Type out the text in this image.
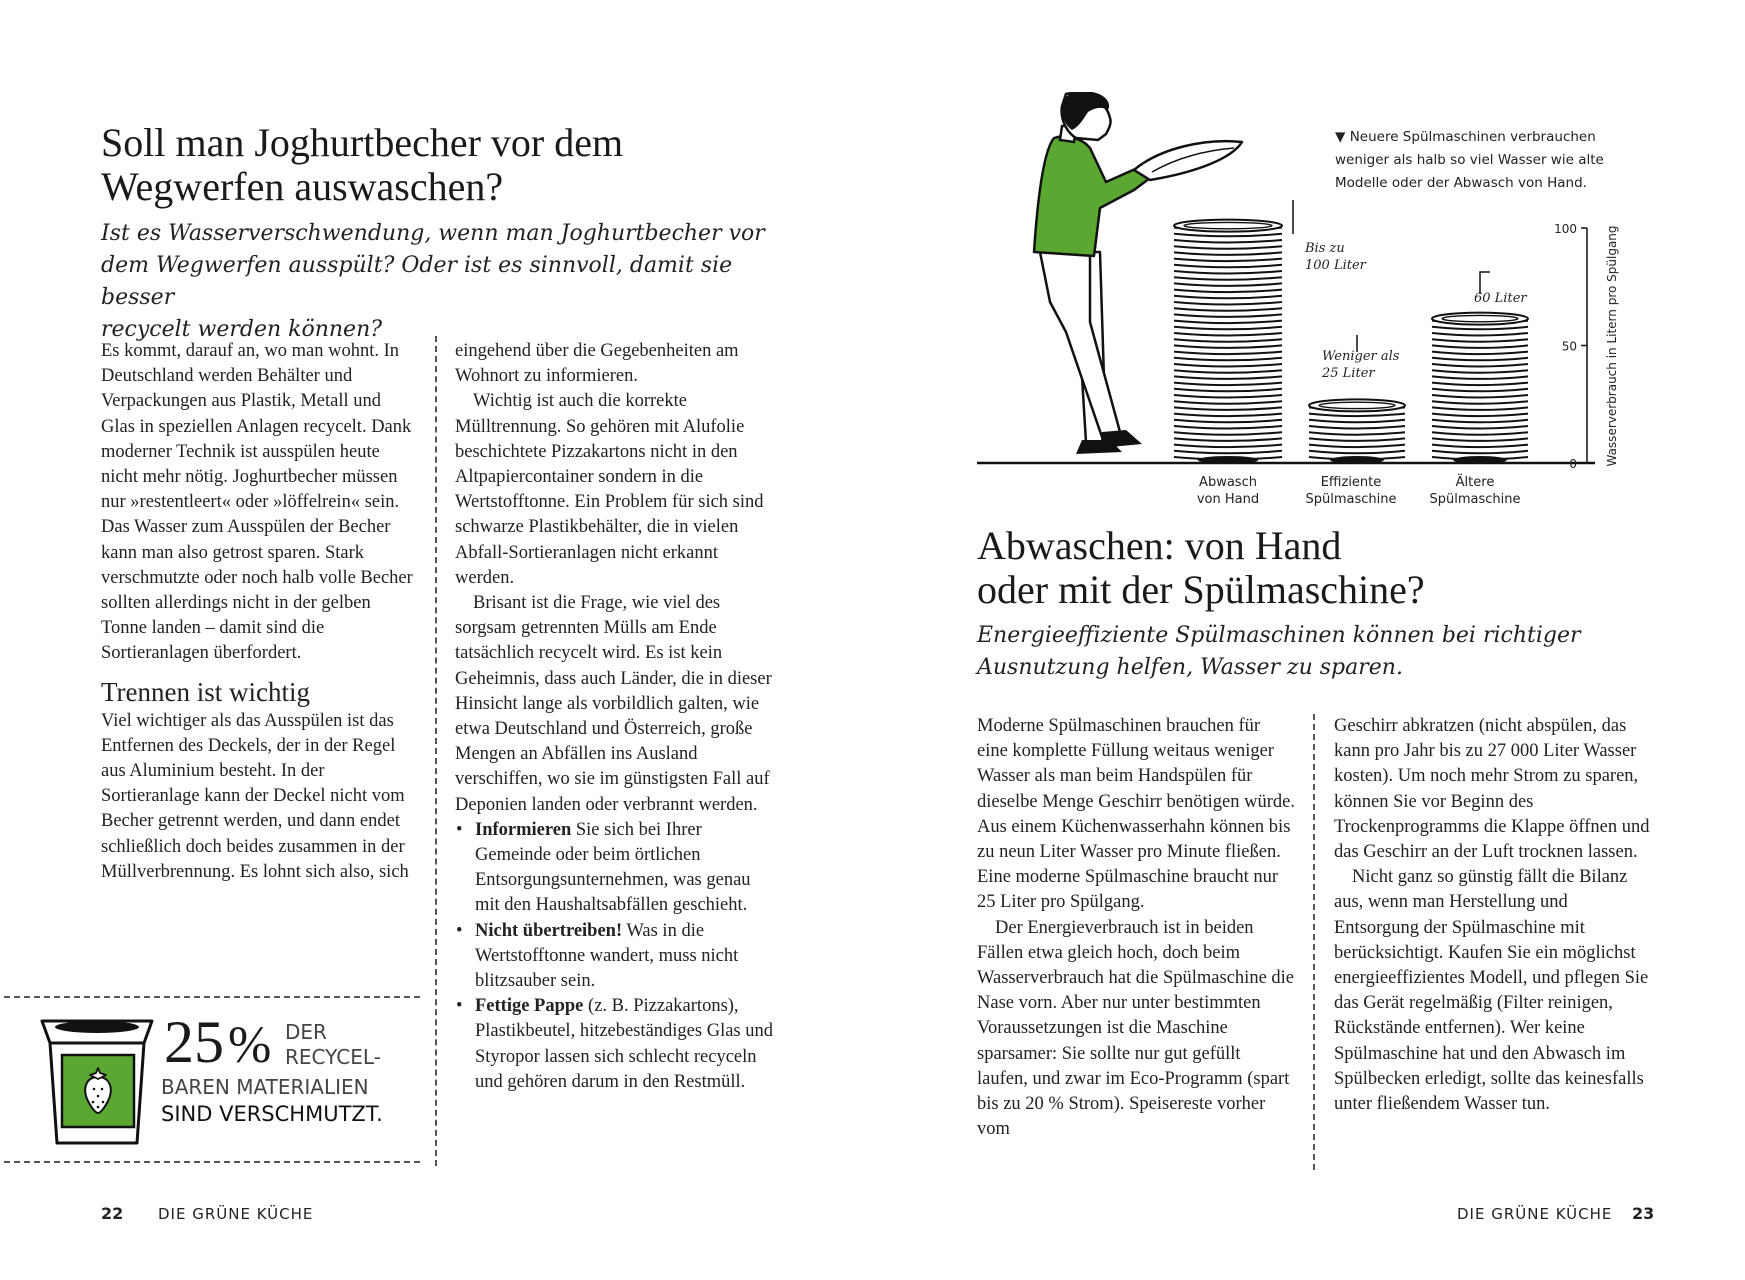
Soll man Joghurtbecher vor dem
Wegwerfen auswaschen?
Ist es Wasserverschwendung, wenn man Joghurtbecher vor
dem Wegwerfen ausspült? Oder ist es sinnvoll, damit sie besser
recycelt werden können?

Es kommt, darauf an, wo man wohnt. In Deutschland werden Behälter und Verpackungen aus Plastik, Metall und Glas in speziellen Anlagen recycelt. Dank moderner Technik ist ausspülen heute nicht mehr nötig. Joghurtbecher müssen nur »restentleert« oder »löffelrein« sein. Das Wasser zum Ausspülen der Becher kann man also getrost sparen. Stark verschmutzte oder noch halb volle Becher sollten allerdings nicht in der gelben Tonne landen – damit sind die Sortieranlagen überfordert.

Trennen ist wichtig

Viel wichtiger als das Ausspülen ist das Entfernen des Deckels, der in der Regel aus Aluminium besteht. In der Sortieranlage kann der Deckel nicht vom Becher getrennt werden, und dann endet schließlich doch beides zusammen in der Müllverbrennung. Es lohnt sich also, sich

eingehend über die Gegebenheiten am Wohnort zu informieren.

Wichtig ist auch die korrekte Mülltrennung. So gehören mit Alufolie beschichtete Pizzakartons nicht in den Altpapiercontainer sondern in die Wertstofftonne. Ein Problem für sich sind schwarze Plastikbehälter, die in vielen Abfall-Sortieranlagen nicht erkannt werden.

Brisant ist die Frage, wie viel des sorgsam getrennten Mülls am Ende tatsächlich recycelt wird. Es ist kein Geheimnis, dass auch Länder, die in dieser Hinsicht lange als vorbildlich galten, wie etwa Deutschland und Österreich, große Mengen an Abfällen ins Ausland verschiffen, wo sie im günstigsten Fall auf Deponien landen oder verbrannt werden.

• Informieren Sie sich bei Ihrer Gemeinde oder beim örtlichen Entsorgungsunternehmen, was genau mit den Haushaltsabfällen geschieht.
• Nicht übertreiben! Was in die Wertstofftonne wandert, muss nicht blitzsauber sein.
• Fettige Pappe (z. B. Pizzakartons), Plastikbeutel, hitzebeständiges Glas und Styropor lassen sich schlecht recyceln und gehören darum in den Restmüll.
25% DER
RECYCEL-
BAREN MATERIALIEN
SIND VERSCHMUTZT.
22 DIE GRÜNE KÜCHE
▼ Neuere Spülmaschinen verbrauchen
weniger als halb so viel Wasser wie alte
Modelle oder der Abwasch von Hand.
0
50
100 Wasserverbrauch in Litern pro Spülgang
Abwasch
von Hand
Effiziente
Spülmaschine
Ältere
Spülmaschine
Bis zu
100 Liter
Weniger als
25 Liter
60 Liter
Abwaschen: von Hand
oder mit der Spülmaschine?
Energieeffiziente Spülmaschinen können bei richtiger
Ausnutzung helfen, Wasser zu sparen.

Moderne Spülmaschinen brauchen für eine komplette Füllung weitaus weniger Wasser als man beim Handspülen für dieselbe Menge Geschirr benötigen würde. Aus einem Küchenwasserhahn können bis zu neun Liter Wasser pro Minute fließen. Eine moderne Spülmaschine braucht nur 25 Liter pro Spülgang.

Der Energieverbrauch ist in beiden Fällen etwa gleich hoch, doch beim Wasserverbrauch hat die Spülmaschine die Nase vorn. Aber nur unter bestimmten Voraussetzungen ist die Maschine sparsamer: Sie sollte nur gut gefüllt laufen, und zwar im Eco-Programm (spart bis zu 20 % Strom). Speisereste vorher vom

Geschirr abkratzen (nicht abspülen, das kann pro Jahr bis zu 27 000 Liter Wasser kosten). Um noch mehr Strom zu sparen, können Sie vor Beginn des Trockenprogramms die Klappe öffnen und das Geschirr an der Luft trocknen lassen.

Nicht ganz so günstig fällt die Bilanz aus, wenn man Herstellung und Entsorgung der Spülmaschine mit berücksichtigt. Kaufen Sie ein möglichst energieeffizientes Modell, und pflegen Sie das Gerät regelmäßig (Filter reinigen, Rückstände entfernen). Wer keine Spülmaschine hat und den Abwasch im Spülbecken erledigt, sollte das keinesfalls unter fließendem Wasser tun.

DIE GRÜNE KÜCHE 23
